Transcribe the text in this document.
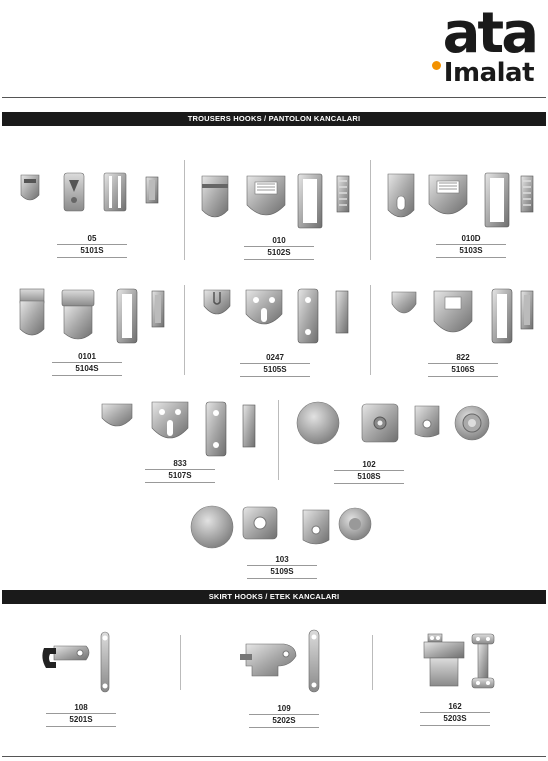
ata
Imalat
TROUSERS HOOKS / PANTOLON KANCALARI
SKIRT HOOKS / ETEK KANCALARI
05
5101S
010
5102S
010D
5103S
0101
5104S
0247
5105S
822
5106S
833
5107S
102
5108S
103
5109S
108
5201S
109
5202S
162
5203S
